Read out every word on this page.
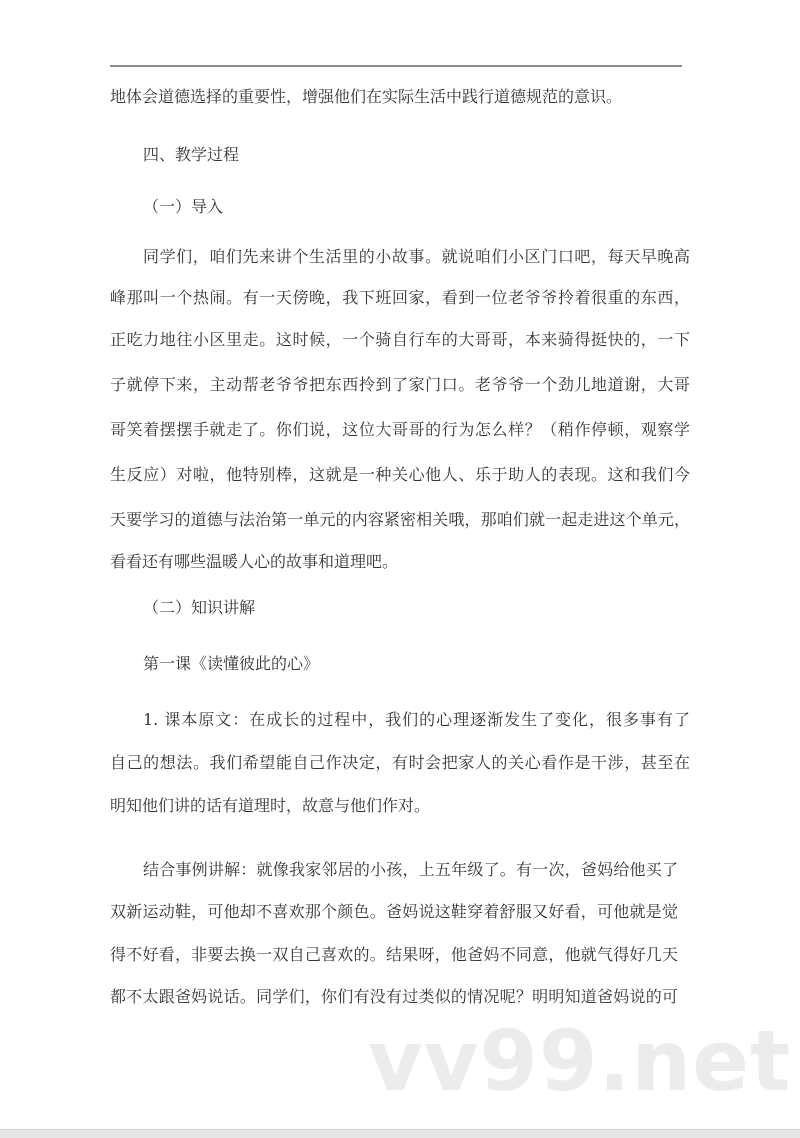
地体会道德选择的重要性，增强他们在实际生活中践行道德规范的意识。
四、教学过程
（一）导入
同学们，咱们先来讲个生活里的小故事。就说咱们小区门口吧，每天早晚高
峰那叫一个热闹。有一天傍晚，我下班回家，看到一位老爷爷拎着很重的东西，
正吃力地往小区里走。这时候，一个骑自行车的大哥哥，本来骑得挺快的，一下
子就停下来，主动帮老爷爷把东西拎到了家门口。老爷爷一个劲儿地道谢，大哥
哥笑着摆摆手就走了。你们说，这位大哥哥的行为怎么样？（稍作停顿，观察学
生反应）对啦，他特别棒，这就是一种关心他人、乐于助人的表现。这和我们今
天要学习的道德与法治第一单元的内容紧密相关哦，那咱们就一起走进这个单元，
看看还有哪些温暖人心的故事和道理吧。
（二）知识讲解
第一课《读懂彼此的心》
1. 课本原文：在成长的过程中，我们的心理逐渐发生了变化，很多事有了
自己的想法。我们希望能自己作决定，有时会把家人的关心看作是干涉，甚至在
明知他们讲的话有道理时，故意与他们作对。
结合事例讲解：就像我家邻居的小孩，上五年级了。有一次，爸妈给他买了
双新运动鞋，可他却不喜欢那个颜色。爸妈说这鞋穿着舒服又好看，可他就是觉
得不好看，非要去换一双自己喜欢的。结果呀，他爸妈不同意，他就气得好几天
都不太跟爸妈说话。同学们，你们有没有过类似的情况呢？明明知道爸妈说的可
vv99.net
